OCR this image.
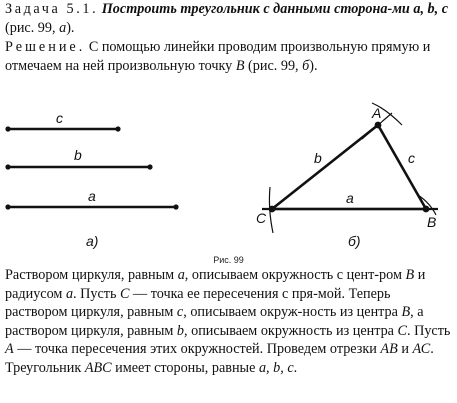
Задача 5.1. Построить треугольник с данными сторона-ми a, b, c (рис. 99, а).

Решение. С помощью линейки проводим произвольную прямую и отмечаем на ней произвольную точку B (рис. 99, б).

c
b
a
а)
A
B
C
a
b	c
б)
Рис. 99

Раствором циркуля, равным а, описываем окружность с цент-ром B и радиусом а. Пусть С — точка ее пересечения с пря-мой. Теперь раствором циркуля, равным с, описываем окруж-ность из центра B, а раствором циркуля, равным b, описываем окружность из центра С. Пусть А — точка пересечения этих окружностей. Проведем отрезки АВ и АС. Треугольник ABC имеет стороны, равные а, b, с.
